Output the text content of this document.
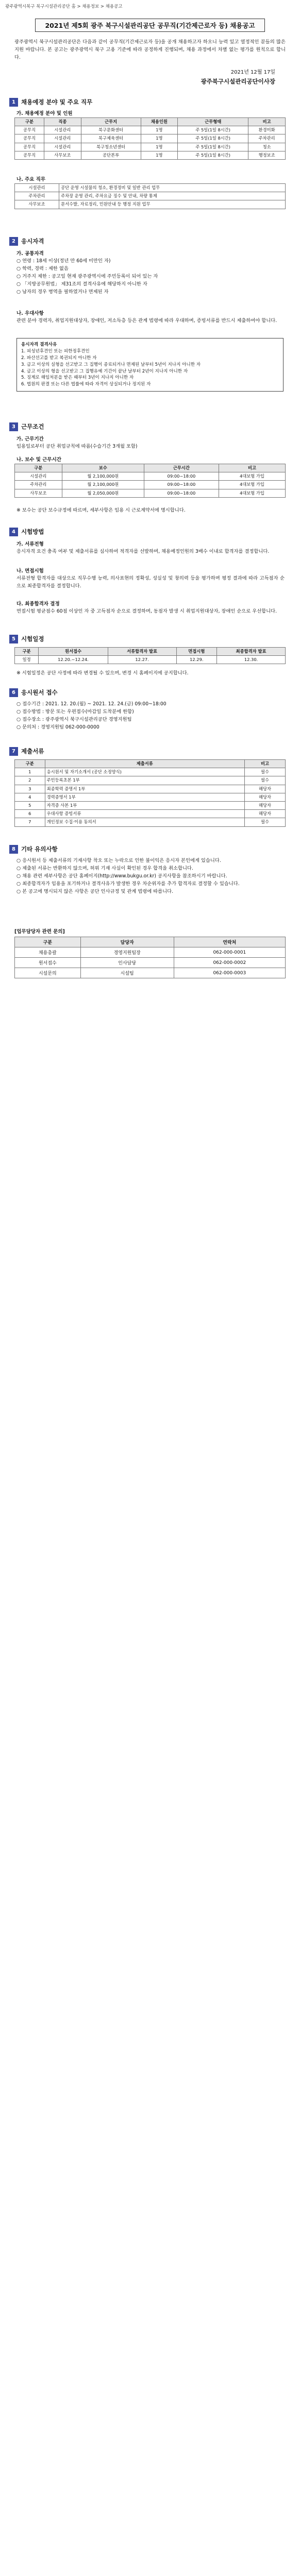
광주광역시북구 북구시설관리공단 홈 > 채용정보 > 채용공고
2021년 제5회 광주 북구시설관리공단 공무직(기간제근로자 등) 채용공고
광주광역시 북구시설관리공단은 다음과 같이 공무직(기간제근로자 등)을 공개 채용하고자 하오니 능력 있고 열정적인 분들의 많은 지원 바랍니다. 본 공고는 광주광역시 북구 고용 기준에 따라 공정하게 진행되며, 채용 과정에서 차별 없는 평가를 원칙으로 합니다.
2021년 12월 17일
광주북구시설관리공단이사장
1 채용예정 분야 및 주요 직무
가. 채용예정 분야 및 인원
구분	직종	근무지	채용인원	근무형태	비고
공무직	시설관리	북구문화센터	1명	주 5일(1일 8시간)	환경미화
공무직	시설관리	북구체육센터	1명	주 5일(1일 8시간)	주차관리
공무직	시설관리	북구청소년센터	1명	주 5일(1일 8시간)	청소
공무직	사무보조	공단본부	1명	주 5일(1일 8시간)	행정보조
나. 주요 직무
시설관리	공단 운영 시설물의 청소, 환경정비 및 일반 관리 업무
주차관리	주차장 운영 관리, 주차요금 징수 및 안내, 차량 통제
사무보조	문서수발, 자료정리, 민원안내 등 행정 지원 업무
2 응시자격
가. 공통자격
○ 연령 : 18세 이상(정년 만 60세 미만인 자)
○ 학력, 경력 : 제한 없음
○ 거주지 제한 : 공고일 현재 광주광역시에 주민등록이 되어 있는 자
○ 「지방공무원법」 제31조의 결격사유에 해당하지 아니한 자
○ 남자의 경우 병역을 필하였거나 면제된 자
나. 우대사항
관련 분야 경력자, 취업지원대상자, 장애인, 저소득층 등은 관계 법령에 따라 우대하며, 증빙서류를 반드시 제출하여야 합니다.
응시자격 결격사유
1. 피성년후견인 또는 피한정후견인
2. 파산선고를 받고 복권되지 아니한 자
3. 금고 이상의 실형을 선고받고 그 집행이 종료되거나 면제된 날부터 5년이 지나지 아니한 자
4. 금고 이상의 형을 선고받고 그 집행유예 기간이 끝난 날부터 2년이 지나지 아니한 자
5. 징계로 해임처분을 받은 때부터 3년이 지나지 아니한 자
6. 법원의 판결 또는 다른 법률에 따라 자격이 상실되거나 정지된 자
3 근무조건
가. 근무기간
임용일로부터 공단 취업규칙에 따름(수습기간 3개월 포함)
나. 보수 및 근무시간
구분	보수	근무시간	비고
시설관리	월 2,100,000원	09:00~18:00	4대보험 가입
주차관리	월 2,100,000원	09:00~18:00	4대보험 가입
사무보조	월 2,050,000원	09:00~18:00	4대보험 가입
※ 보수는 공단 보수규정에 따르며, 세부사항은 임용 시 근로계약서에 명시합니다.
4 시험방법
가. 서류전형
응시자격 요건 충족 여부 및 제출서류를 심사하여 적격자를 선발하며, 채용예정인원의 3배수 이내로 합격자를 결정합니다.
나. 면접시험
서류전형 합격자를 대상으로 직무수행 능력, 의사표현의 정확성, 성실성 및 창의력 등을 평가하며 평정 결과에 따라 고득점자 순으로 최종합격자를 결정합니다.
다. 최종합격자 결정
면접시험 평균점수 60점 이상인 자 중 고득점자 순으로 결정하며, 동점자 발생 시 취업지원대상자, 장애인 순으로 우선합니다.
5 시험일정
구분	원서접수	서류합격자 발표	면접시험	최종합격자 발표
일정	12.20.~12.24.	12.27.	12.29.	12.30.
※ 시험일정은 공단 사정에 따라 변경될 수 있으며, 변경 시 홈페이지에 공지합니다.
6 응시원서 접수
○ 접수기간 : 2021. 12. 20.(월) ~ 2021. 12. 24.(금) 09:00~18:00
○ 접수방법 : 방문 또는 우편접수(마감일 도착분에 한함)
○ 접수장소 : 광주광역시 북구시설관리공단 경영지원팀
○ 문의처 : 경영지원팀 062-000-0000
7 제출서류
구분	제출서류	비고
1	응시원서 및 자기소개서 (공단 소정양식)	필수
2	주민등록초본 1부	필수
3	최종학력 증명서 1부	해당자
4	경력증명서 1부	해당자
5	자격증 사본 1부	해당자
6	우대사항 증빙서류	해당자
7	개인정보 수집·이용 동의서	필수
8 기타 유의사항
○ 응시원서 등 제출서류의 기재사항 착오 또는 누락으로 인한 불이익은 응시자 본인에게 있습니다.
○ 제출된 서류는 반환하지 않으며, 허위 기재 사실이 확인된 경우 합격을 취소합니다.
○ 채용 관련 세부사항은 공단 홈페이지(http://www.bukgu.or.kr) 공지사항을 참조하시기 바랍니다.
○ 최종합격자가 임용을 포기하거나 결격사유가 발생한 경우 차순위자를 추가 합격자로 결정할 수 있습니다.
○ 본 공고에 명시되지 않은 사항은 공단 인사규정 및 관계 법령에 따릅니다.
[업무담당자 관련 문의]
구분	담당자	연락처
채용총괄	경영지원팀장	062-000-0001
원서접수	인사담당	062-000-0002
시설문의	시설팀	062-000-0003
